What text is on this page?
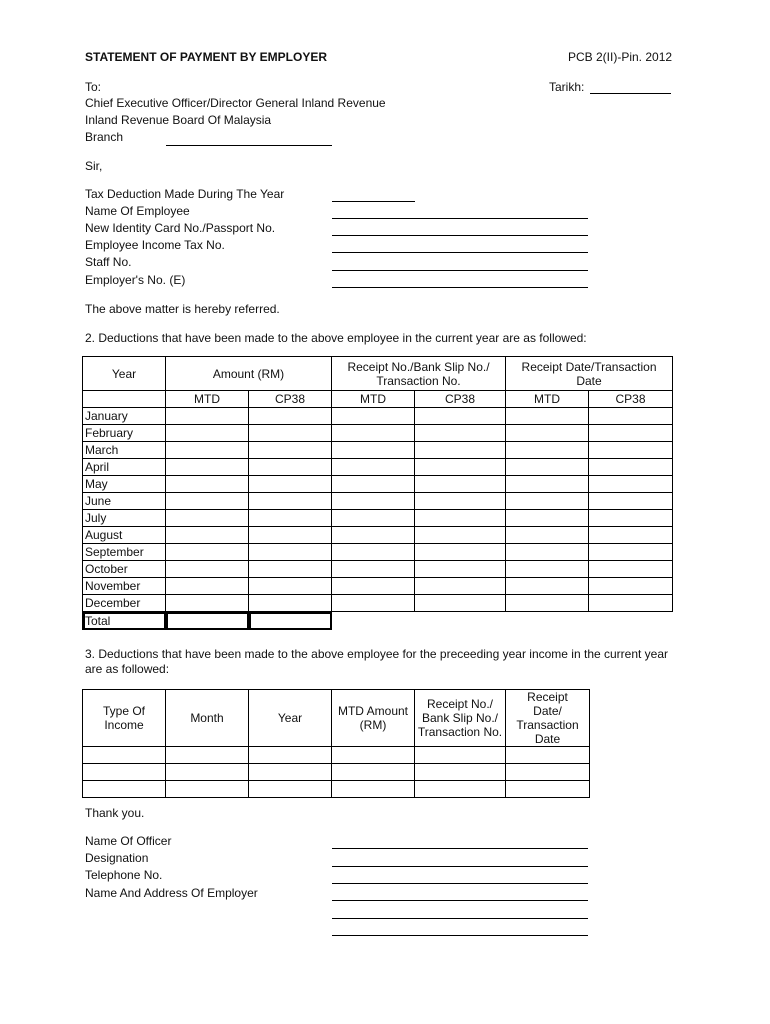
STATEMENT OF PAYMENT BY EMPLOYER	PCB 2(II)-Pin. 2012
To:	Tarikh:
Chief Executive Officer/Director General Inland Revenue
Inland Revenue Board Of Malaysia
Branch
Sir,
Tax Deduction Made During The Year
Name Of Employee
New Identity Card No./Passport No.
Employee Income Tax No.
Staff No.
Employer's No. (E)
The above matter is hereby referred.
2. Deductions that have been made to the above employee in the current year are as followed:
Year	Amount (RM)		Receipt No./Bank Slip No./ Transaction No.		Receipt Date/Transaction Date	
	MTD	CP38	MTD	CP38	MTD	CP38
January						
February						
March						
April						
May						
June						
July						
August						
September						
October						
November						
December						
Total						
3. Deductions that have been made to the above employee for the preceeding year income in the current year
are as followed:
Type Of Income	Month	Year	MTD Amount (RM)	Receipt No./ Bank Slip No./ Transaction No.	Receipt Date/ Transaction Date

Thank you.
Name Of Officer
Designation
Telephone No.
Name And Address Of Employer
